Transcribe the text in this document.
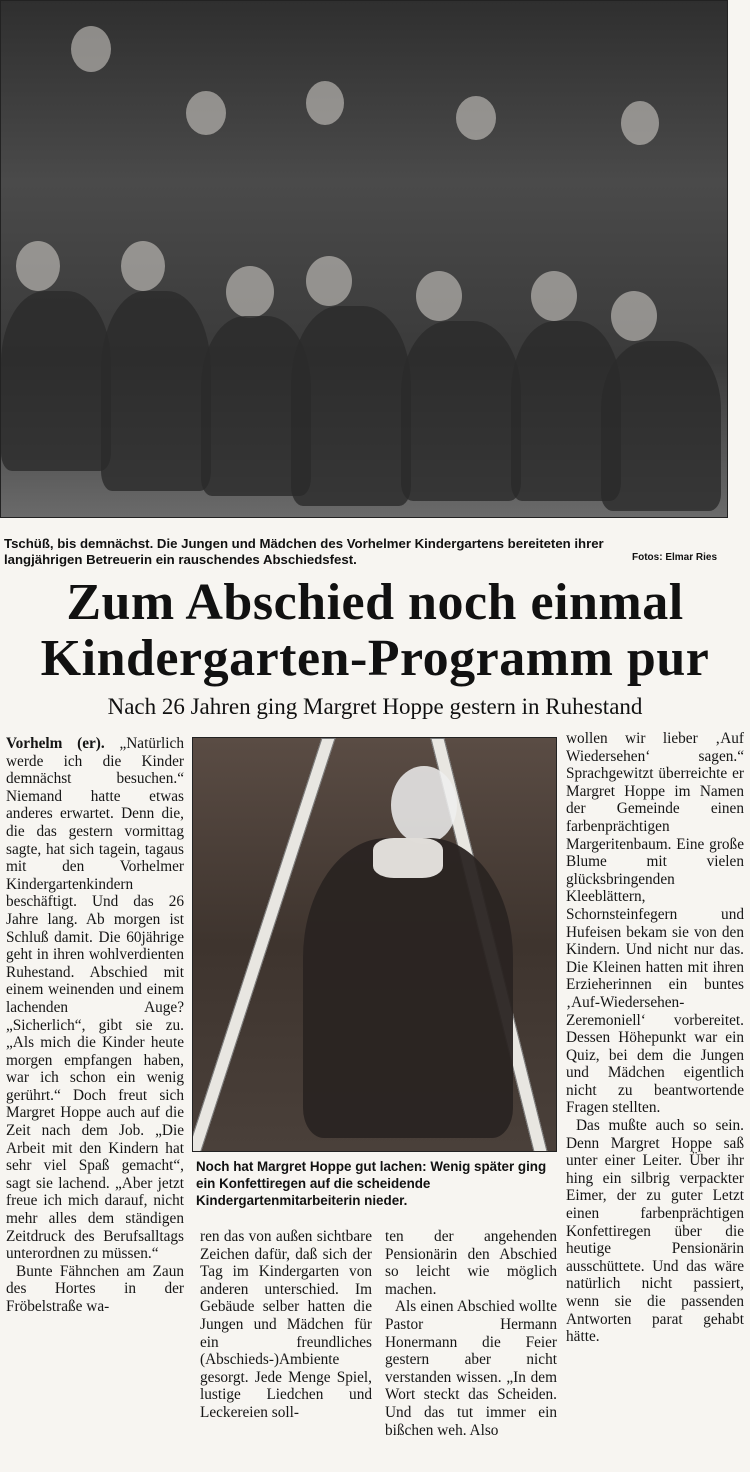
Tschüß, bis demnächst. Die Jungen und Mädchen des Vorhelmer Kindergartens bereiteten ihrer langjährigen Betreuerin ein rauschendes Abschiedsfest.	Fotos: Elmar Ries
Zum Abschied noch einmal
Kindergarten-Programm pur
Nach 26 Jahren ging Margret Hoppe gestern in Ruhestand
Noch hat Margret Hoppe gut lachen: Wenig später ging ein Konfettiregen auf die scheidende Kindergartenmitarbeiterin nieder.

Vorhelm (er). „Natürlich werde ich die Kinder demnächst besuchen.“ Niemand hatte etwas anderes erwartet. Denn die, die das gestern vormittag sagte, hat sich tagein, tagaus mit den Vorhelmer Kindergartenkindern beschäftigt. Und das 26 Jahre lang. Ab morgen ist Schluß damit. Die 60jährige geht in ihren wohlverdienten Ruhestand. Abschied mit einem weinenden und einem lachenden Auge? „Sicherlich“, gibt sie zu. „Als mich die Kinder heute morgen empfangen haben, war ich schon ein wenig gerührt.“ Doch freut sich Margret Hoppe auch auf die Zeit nach dem Job. „Die Arbeit mit den Kindern hat sehr viel Spaß gemacht“, sagt sie lachend. „Aber jetzt freue ich mich darauf, nicht mehr alles dem ständigen Zeitdruck des Berufsalltags unterordnen zu müssen.“

Bunte Fähnchen am Zaun des Hortes in der Fröbelstraße wa-

ren das von außen sichtbare Zeichen dafür, daß sich der Tag im Kindergarten von anderen unterschied. Im Gebäude selber hatten die Jungen und Mädchen für ein freundliches (Abschieds-)Ambiente gesorgt. Jede Menge Spiel, lustige Liedchen und Leckereien soll-

ten der angehenden Pensionärin den Abschied so leicht wie möglich machen.

Als einen Abschied wollte Pastor Hermann Honermann die Feier gestern aber nicht verstanden wissen. „In dem Wort steckt das Scheiden. Und das tut immer ein bißchen weh. Also

wollen wir lieber ‚Auf Wiedersehen‘ sagen.“ Sprachgewitzt überreichte er Margret Hoppe im Namen der Gemeinde einen farbenprächtigen Margeritenbaum. Eine große Blume mit vielen glücksbringenden Kleeblättern, Schornsteinfegern und Hufeisen bekam sie von den Kindern. Und nicht nur das. Die Kleinen hatten mit ihren Erzieherinnen ein buntes ‚Auf-Wiedersehen-Zeremoniell‘ vorbereitet. Dessen Höhepunkt war ein Quiz, bei dem die Jungen und Mädchen eigentlich nicht zu beantwortende Fragen stellten.

Das mußte auch so sein. Denn Margret Hoppe saß unter einer Leiter. Über ihr hing ein silbrig verpackter Eimer, der zu guter Letzt einen farbenprächtigen Konfettiregen über die heutige Pensionärin ausschüttete. Und das wäre natürlich nicht passiert, wenn sie die passenden Antworten parat gehabt hätte.
